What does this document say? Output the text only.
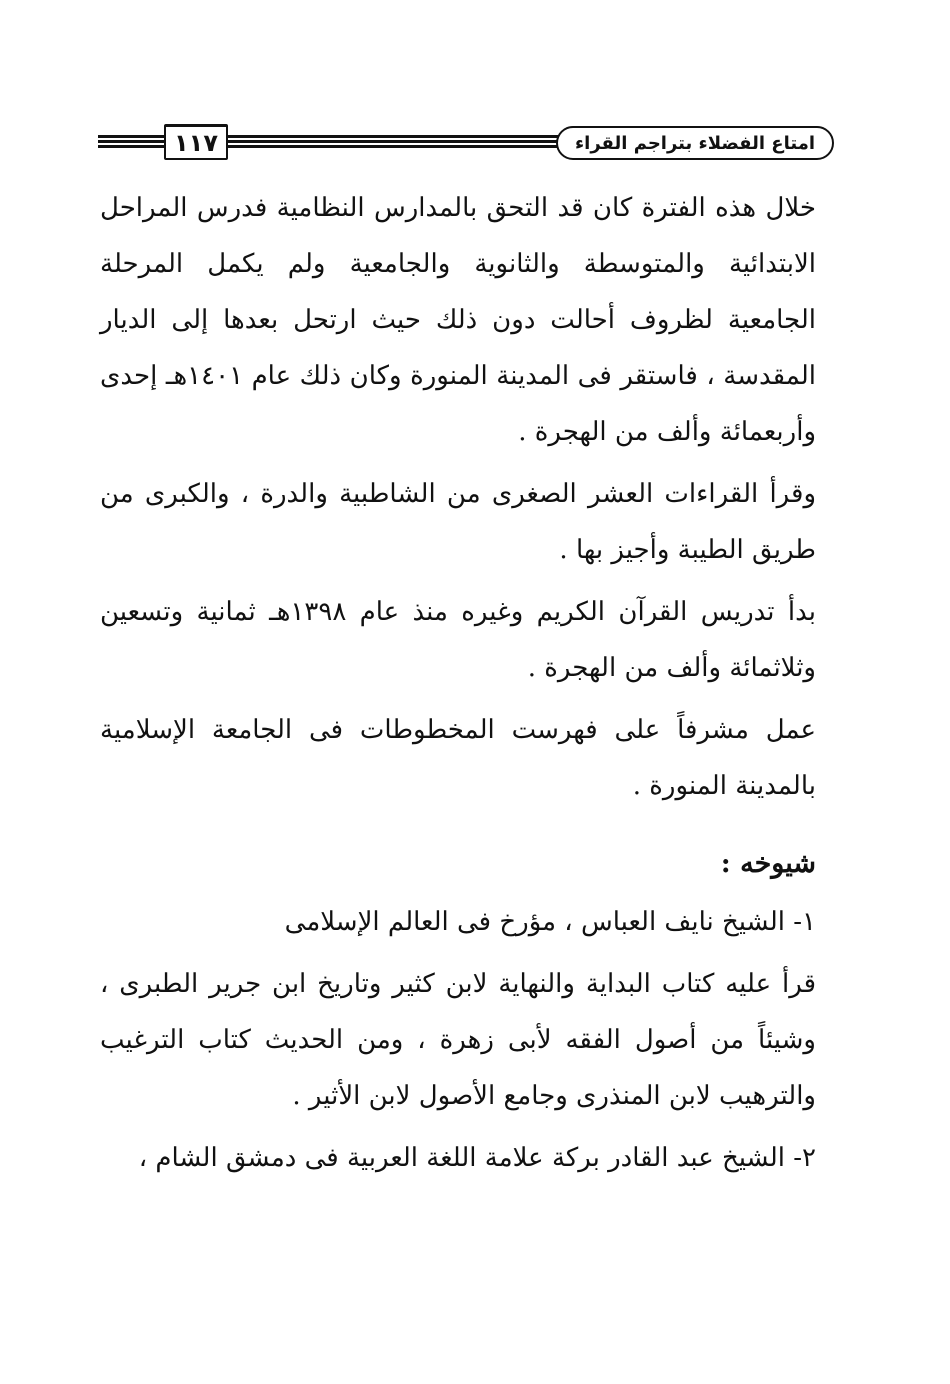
١١٧	امتاع الفضلاء بتراجم القراء

خلال هذه الفترة كان قد التحق بالمدارس النظامية فدرس المراحل الابتدائية والمتوسطة والثانوية والجامعية ولم يكمل المرحلة الجامعية لظروف أحالت دون ذلك حيث ارتحل بعدها إلى الديار المقدسة ، فاستقر فى المدينة المنورة وكان ذلك عام ١٤٠١هـ إحدى وأربعمائة وألف من الهجرة .

وقرأ القراءات العشر الصغرى من الشاطبية والدرة ، والكبرى من طريق الطيبة وأجيز بها .

بدأ تدريس القرآن الكريم وغيره منذ عام ١٣٩٨هـ ثمانية وتسعين وثلاثمائة وألف من الهجرة .

عمل مشرفاً على فهرست المخطوطات فى الجامعة الإسلامية بالمدينة المنورة .

شيوخه :

١- الشيخ نايف العباس ، مؤرخ فى العالم الإسلامى

قرأ عليه كتاب البداية والنهاية لابن كثير وتاريخ ابن جرير الطبرى ، وشيئاً من أصول الفقه لأبى زهرة ، ومن الحديث كتاب الترغيب والترهيب لابن المنذرى وجامع الأصول لابن الأثير .

٢- الشيخ عبد القادر بركة علامة اللغة العربية فى دمشق الشام ،
